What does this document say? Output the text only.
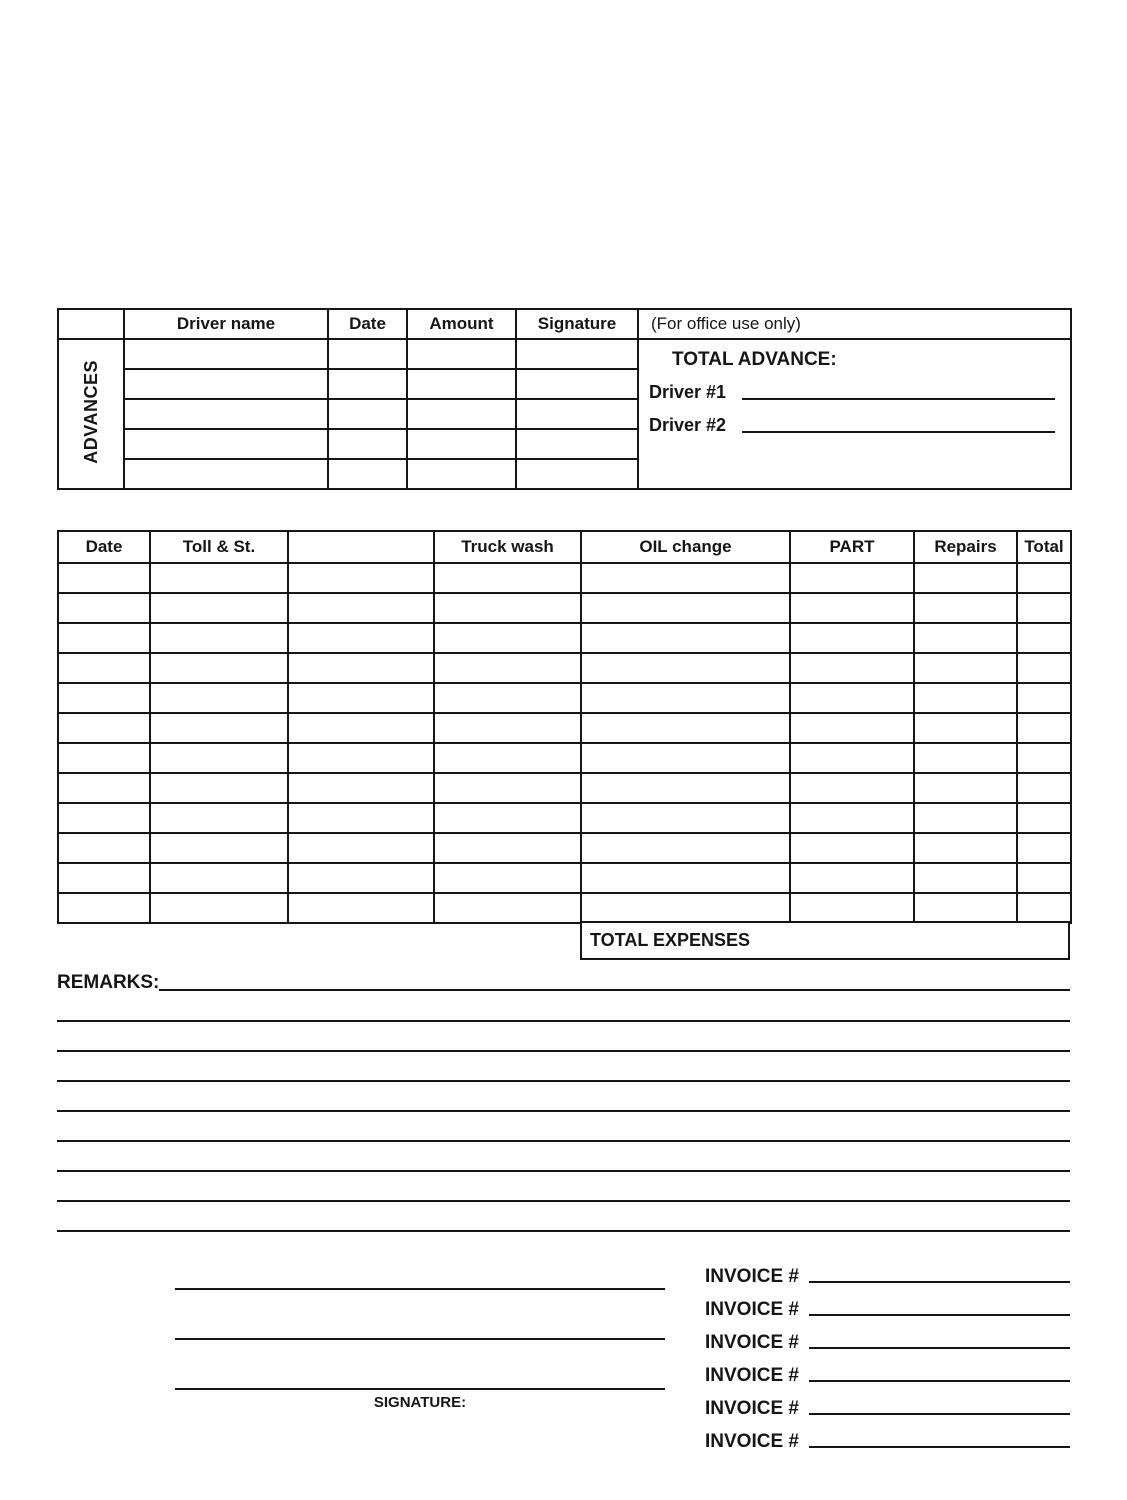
	Driver name	Date	Amount	Signature	(For office use only)
ADVANCES					TOTAL ADVANCE:
Driver #1
Driver #2

Date	Toll & St.		Truck wash	OIL change	PART	Repairs	Total

TOTAL EXPENSES
REMARKS:
SIGNATURE:
INVOICE #
INVOICE #
INVOICE #
INVOICE #
INVOICE #
INVOICE #
